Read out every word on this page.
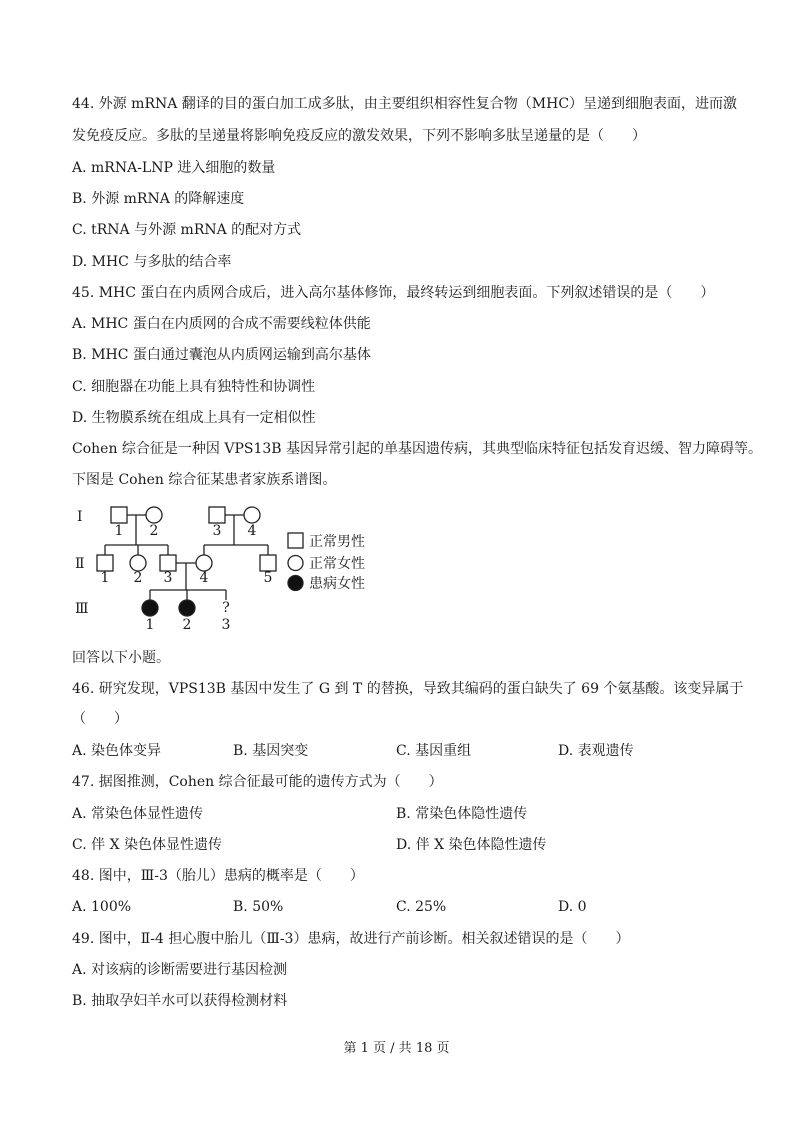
44. 外源 mRNA 翻译的目的蛋白加工成多肽，由主要组织相容性复合物（MHC）呈递到细胞表面，进而激
发免疫反应。多肽的呈递量将影响免疫反应的激发效果，下列不影响多肽呈递量的是（　　）
A. mRNA-LNP 进入细胞的数量
B. 外源 mRNA 的降解速度
C. tRNA 与外源 mRNA 的配对方式
D. MHC 与多肽的结合率
45. MHC 蛋白在内质网合成后，进入高尔基体修饰，最终转运到细胞表面。下列叙述错误的是（　　）
A. MHC 蛋白在内质网的合成不需要线粒体供能
B. MHC 蛋白通过囊泡从内质网运输到高尔基体
C. 细胞器在功能上具有独特性和协调性
D. 生物膜系统在组成上具有一定相似性
Cohen 综合征是一种因 VPS13B 基因异常引起的单基因遗传病，其典型临床特征包括发育迟缓、智力障碍等。
下图是 Cohen 综合征某患者家族系谱图。
I
Ⅱ
Ⅲ
1 2	3 4
1 2 3 4	5
?
1 2 3
正常男性
正常女性
患病女性
回答以下小题。
46. 研究发现，VPS13B 基因中发生了 G 到 T 的替换，导致其编码的蛋白缺失了 69 个氨基酸。该变异属于
（　　）
A. 染色体变异	B. 基因突变	C. 基因重组	D. 表观遗传
47. 据图推测，Cohen 综合征最可能的遗传方式为（　　）
A. 常染色体显性遗传	B. 常染色体隐性遗传
C. 伴 X 染色体显性遗传	D. 伴 X 染色体隐性遗传
48. 图中，Ⅲ-3（胎儿）患病的概率是（　　）
A. 100%	B. 50%	C. 25%	D. 0
49. 图中，Ⅱ-4 担心腹中胎儿（Ⅲ-3）患病，故进行产前诊断。相关叙述错误的是（　　）
A. 对该病的诊断需要进行基因检测
B. 抽取孕妇羊水可以获得检测材料
第 1 页 / 共 18 页
